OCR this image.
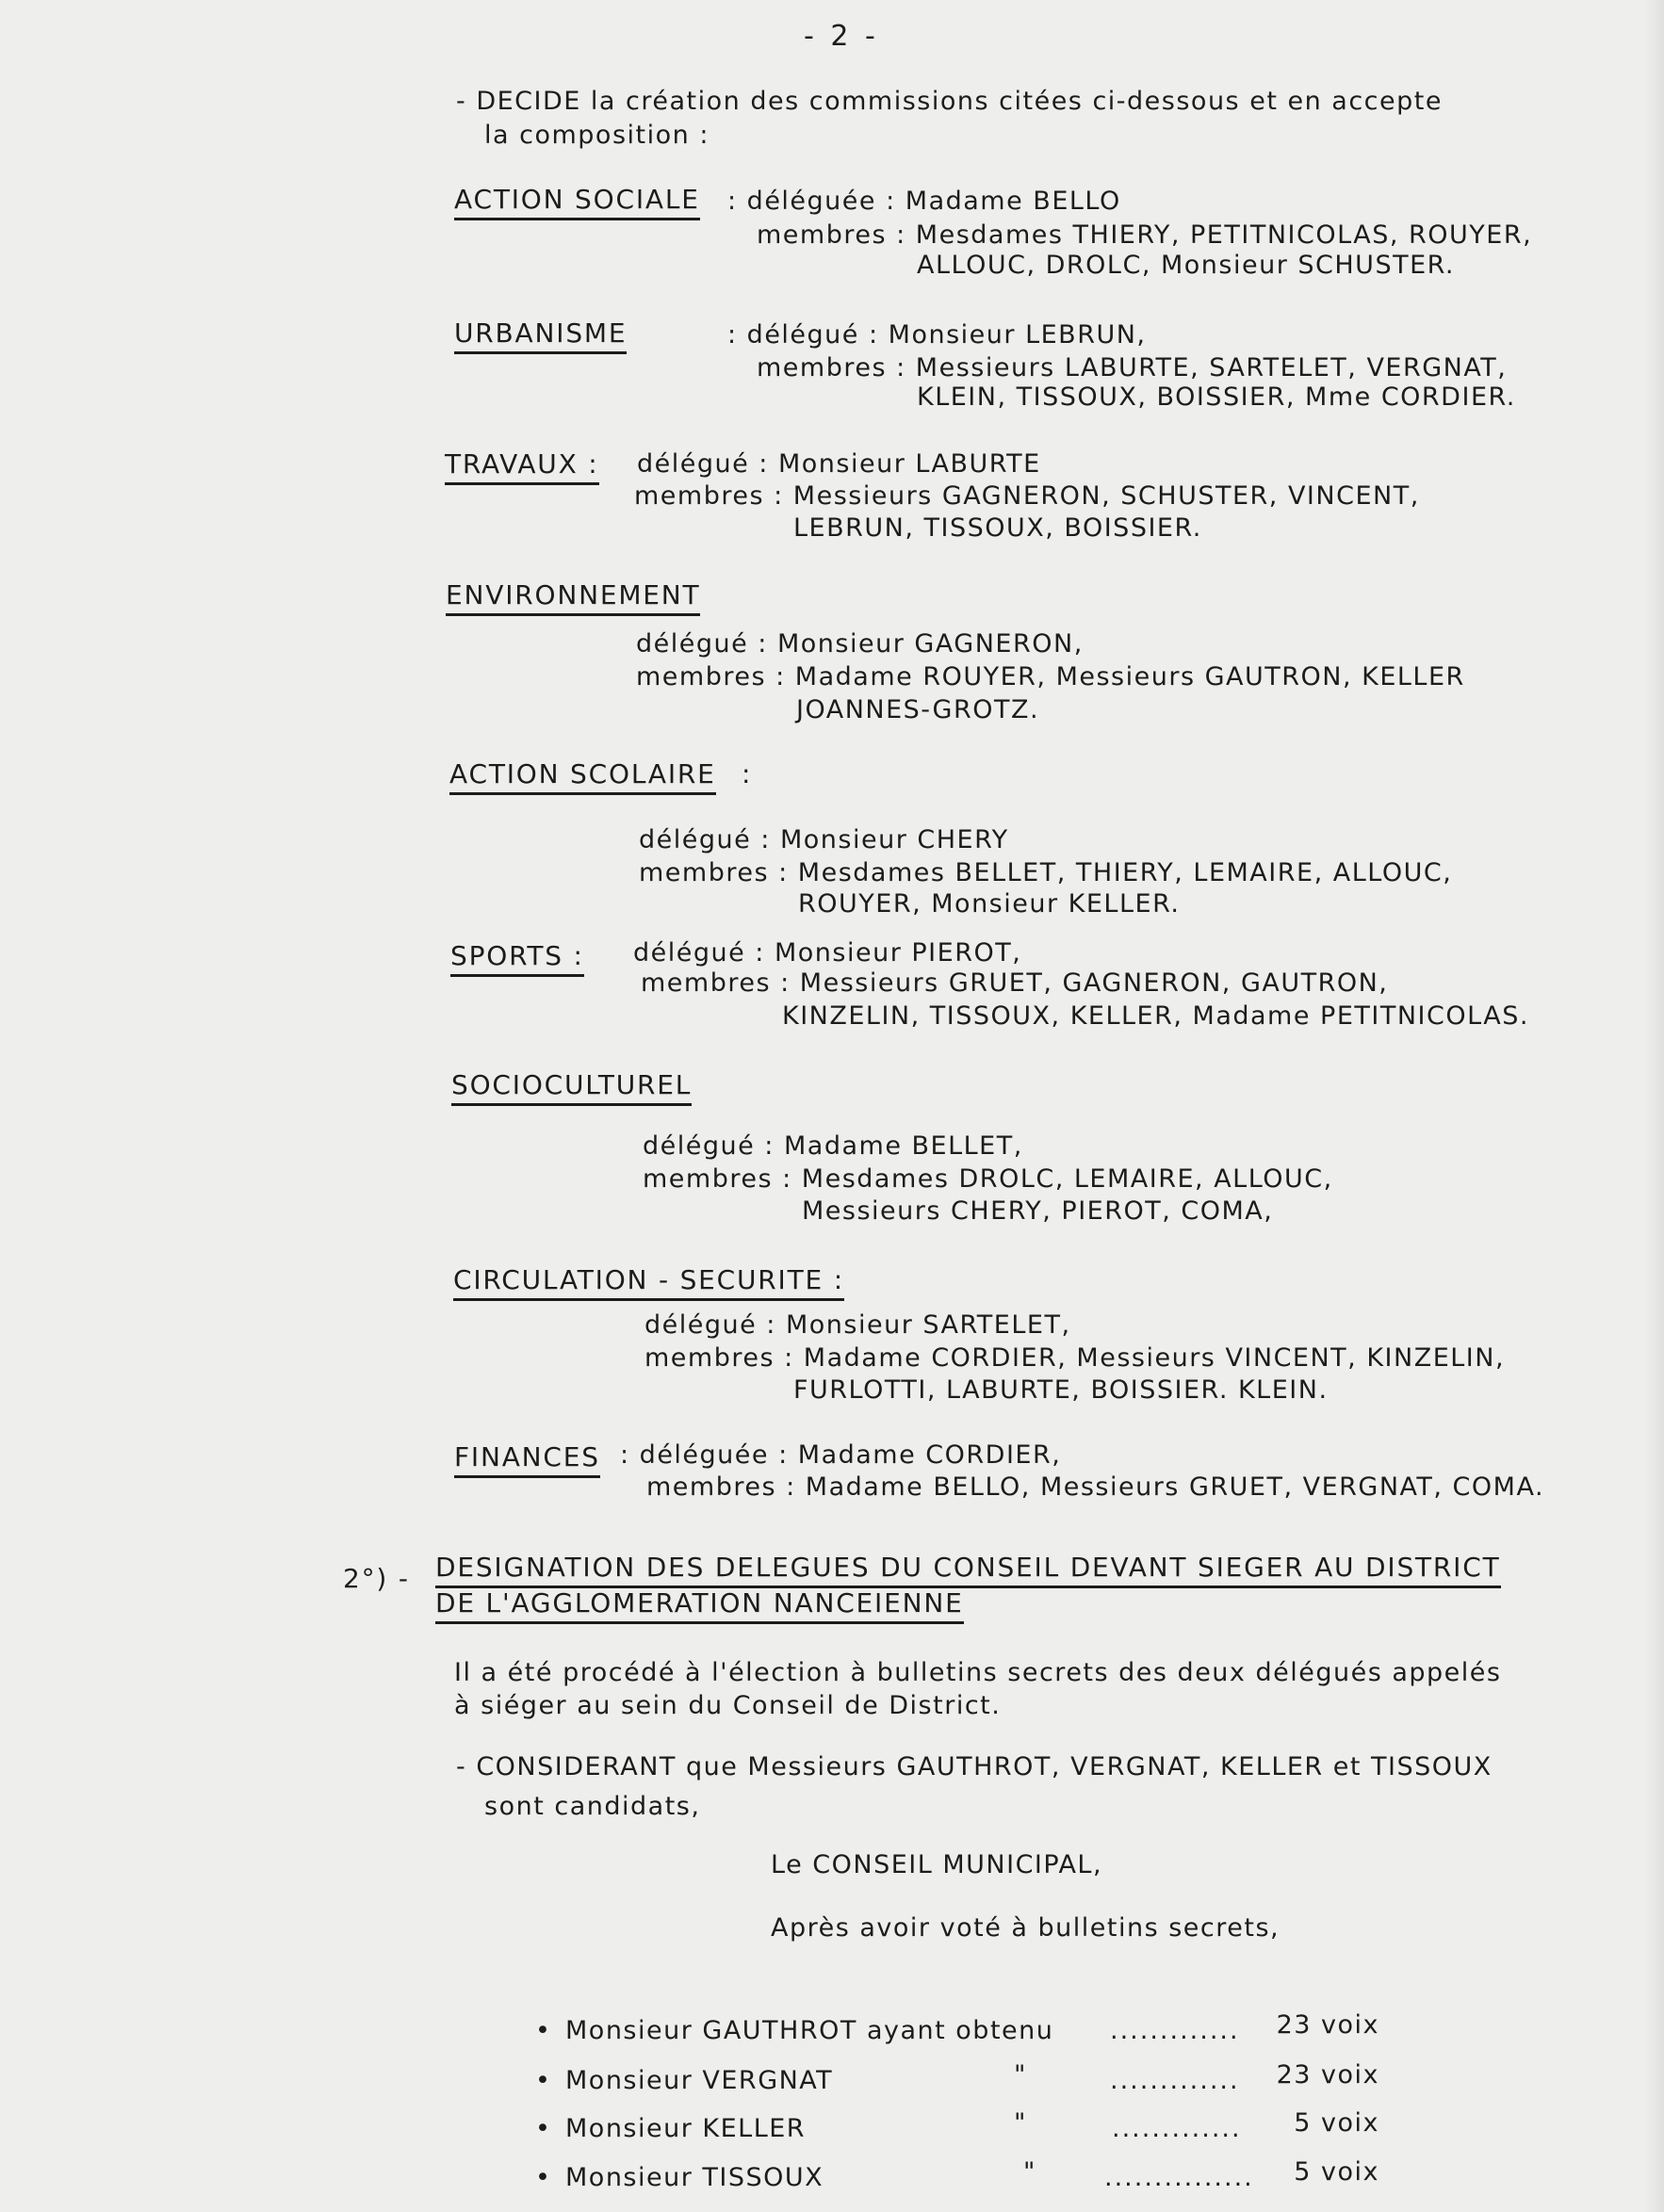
- 2 -
- DECIDE la création des commissions citées ci-dessous et en accepte
la composition :
ACTION SOCIALE : déléguée : Madame BELLO
membres : Mesdames THIERY, PETITNICOLAS, ROUYER,
ALLOUC, DROLC, Monsieur SCHUSTER.
URBANISME	: délégué : Monsieur LEBRUN,
membres : Messieurs LABURTE, SARTELET, VERGNAT,
KLEIN, TISSOUX, BOISSIER, Mme CORDIER.
TRAVAUX : délégué : Monsieur LABURTE
membres : Messieurs GAGNERON, SCHUSTER, VINCENT,
LEBRUN, TISSOUX, BOISSIER.
ENVIRONNEMENT
délégué : Monsieur GAGNERON,
membres : Madame ROUYER, Messieurs GAUTRON, KELLER
JOANNES-GROTZ.
ACTION SCOLAIRE :
délégué : Monsieur CHERY
membres : Mesdames BELLET, THIERY, LEMAIRE, ALLOUC,
ROUYER, Monsieur KELLER.
SPORTS : délégué : Monsieur PIEROT,
membres : Messieurs GRUET, GAGNERON, GAUTRON,
KINZELIN, TISSOUX, KELLER, Madame PETITNICOLAS.
SOCIOCULTUREL
délégué : Madame BELLET,
membres : Mesdames DROLC, LEMAIRE, ALLOUC,
Messieurs CHERY, PIEROT, COMA,
CIRCULATION - SECURITE :
délégué : Monsieur SARTELET,
membres : Madame CORDIER, Messieurs VINCENT, KINZELIN,
FURLOTTI, LABURTE, BOISSIER. KLEIN.
FINANCES : déléguée : Madame CORDIER,
membres : Madame BELLO, Messieurs GRUET, VERGNAT, COMA.
2°) - DESIGNATION DES DELEGUES DU CONSEIL DEVANT SIEGER AU DISTRICT
DE L'AGGLOMERATION NANCEIENNE
Il a été procédé à l'élection à bulletins secrets des deux délégués appelés
à siéger au sein du Conseil de District.
- CONSIDERANT que Messieurs GAUTHROT, VERGNAT, KELLER et TISSOUX
sont candidats,
Le CONSEIL MUNICIPAL,
Après avoir voté à bulletins secrets,
• Monsieur GAUTHROT ayant obtenu .............	23 voix
• Monsieur VERGNAT	"	.............	23 voix
• Monsieur KELLER	"	.............	5 voix
• Monsieur TISSOUX	"	...............	5 voix
